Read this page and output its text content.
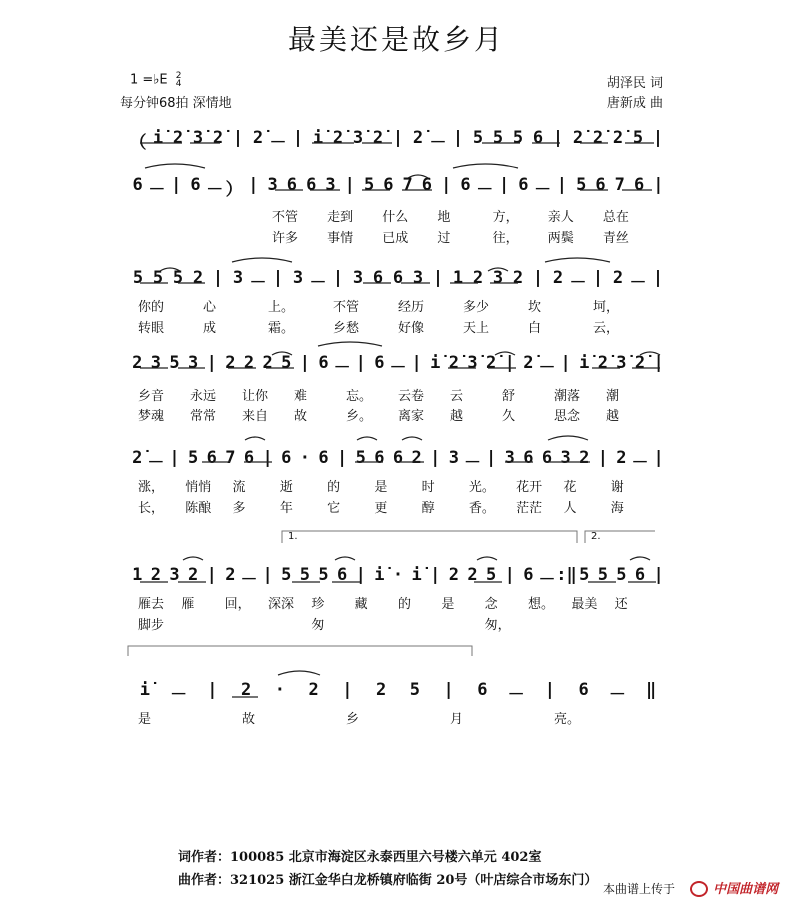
最美还是故乡月
1 =♭E 2
4
每分钟68拍 深情地
胡泽民 词
唐新成 曲
（ i̇ 2̇ 3̇ 2̇ | 2̇ － | i̇ 2̇ 3̇ 2̇ | 2̇ － | 5 5 5 6 | 2̇ 2̇ 2̇ 5 |
6 － | 6 － ） | 3 6 6 3 | 5 6 7 6 | 6 － | 6 － | 5 6 7 6 |
不管 走到 什么 地	方， 亲人 总在
许多 事情 已成 过	往， 两鬓 青丝
5 5 5 2 | 3 － | 3 － | 3 6 6 3 | 1 2 3 2 | 2 － | 2 － |
你的	心	上。	不管	经历	多少	坎	坷，
转眼	成	霜。	乡愁	好像	天上	白	云，
2 3 5 3 | 2 2 2 5 | 6 － | 6 － | i̇ 2̇ 3̇ 2̇ | 2̇ － | i̇ 2̇ 3̇ 2̇ |
乡音 永远 让你 难	忘。 云卷 云	舒	潮落 潮
梦魂 常常 来自 故	乡。 离家 越	久	思念 越
2̇ － | 5 6 7 6 | 6 · 6 | 5 6 6 2 | 3 － | 3 6 6 3 2 | 2 － |
涨， 悄悄 流	逝	的	是	时	光。 花开 花	谢
长， 陈酿 多	年	它	更	醇	香。 茫茫 人	海
1 2 3 2 | 2 － | 5 5 5 6 | i̇ · i̇ | 2 2 5 | 6 － :‖ 5 5 5 6 |
雁去 雁 回， 深深 珍 藏 的 是 念 想。 最美 还
脚步	匆	匆，
1.	2.
i̇	－	|	2	·	2	|	2	5	|	6	－	|	6	－	‖
是	故	乡	月	亮。
词作者：100085 北京市海淀区永泰西里六号楼六单元 402室
曲作者：321025 浙江金华白龙桥镇府临街 20号（叶店综合市场东门）
本曲谱上传于	中国曲谱网
